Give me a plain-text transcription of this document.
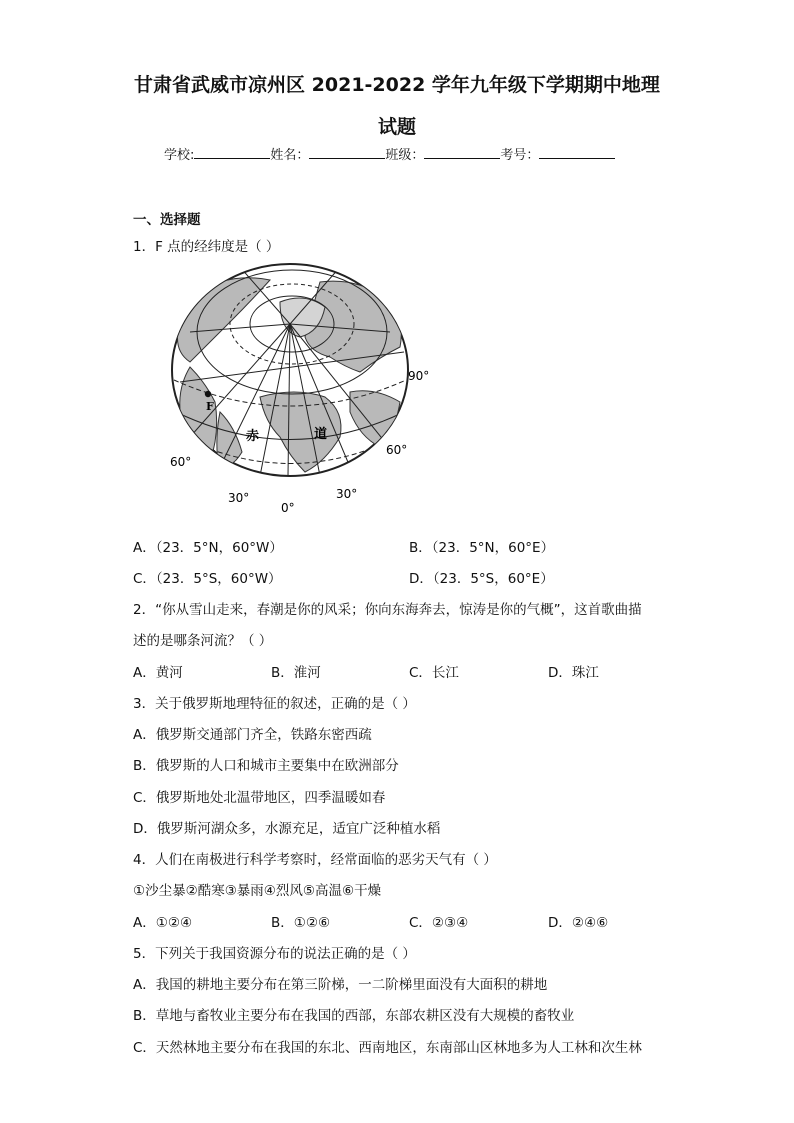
甘肃省武威市凉州区 2021-2022 学年九年级下学期期中地理
试题
学校:	姓名：	班级：	考号：
一、选择题
1．F 点的经纬度是（ ）
F
赤	道
90°
60°
60°
30°	30°
0°
A．（23．5°N，60°W）	B．（23．5°N，60°E）
C．（23．5°S，60°W）	D．（23．5°S，60°E）
2．“你从雪山走来，春潮是你的风采；你向东海奔去，惊涛是你的气概”，这首歌曲描
述的是哪条河流？（ ）
A．黄河	B．淮河	C．长江	D．珠江
3．关于俄罗斯地理特征的叙述，正确的是（ ）
A．俄罗斯交通部门齐全，铁路东密西疏
B．俄罗斯的人口和城市主要集中在欧洲部分
C．俄罗斯地处北温带地区，四季温暖如春
D．俄罗斯河湖众多，水源充足，适宜广泛种植水稻
4．人们在南极进行科学考察时，经常面临的恶劣天气有（ ）
①沙尘暴②酷寒③暴雨④烈风⑤高温⑥干燥
A．①②④	B．①②⑥	C．②③④	D．②④⑥
5．下列关于我国资源分布的说法正确的是（ ）
A．我国的耕地主要分布在第三阶梯，一二阶梯里面没有大面积的耕地
B．草地与畜牧业主要分布在我国的西部，东部农耕区没有大规模的畜牧业
C．天然林地主要分布在我国的东北、西南地区，东南部山区林地多为人工林和次生林
